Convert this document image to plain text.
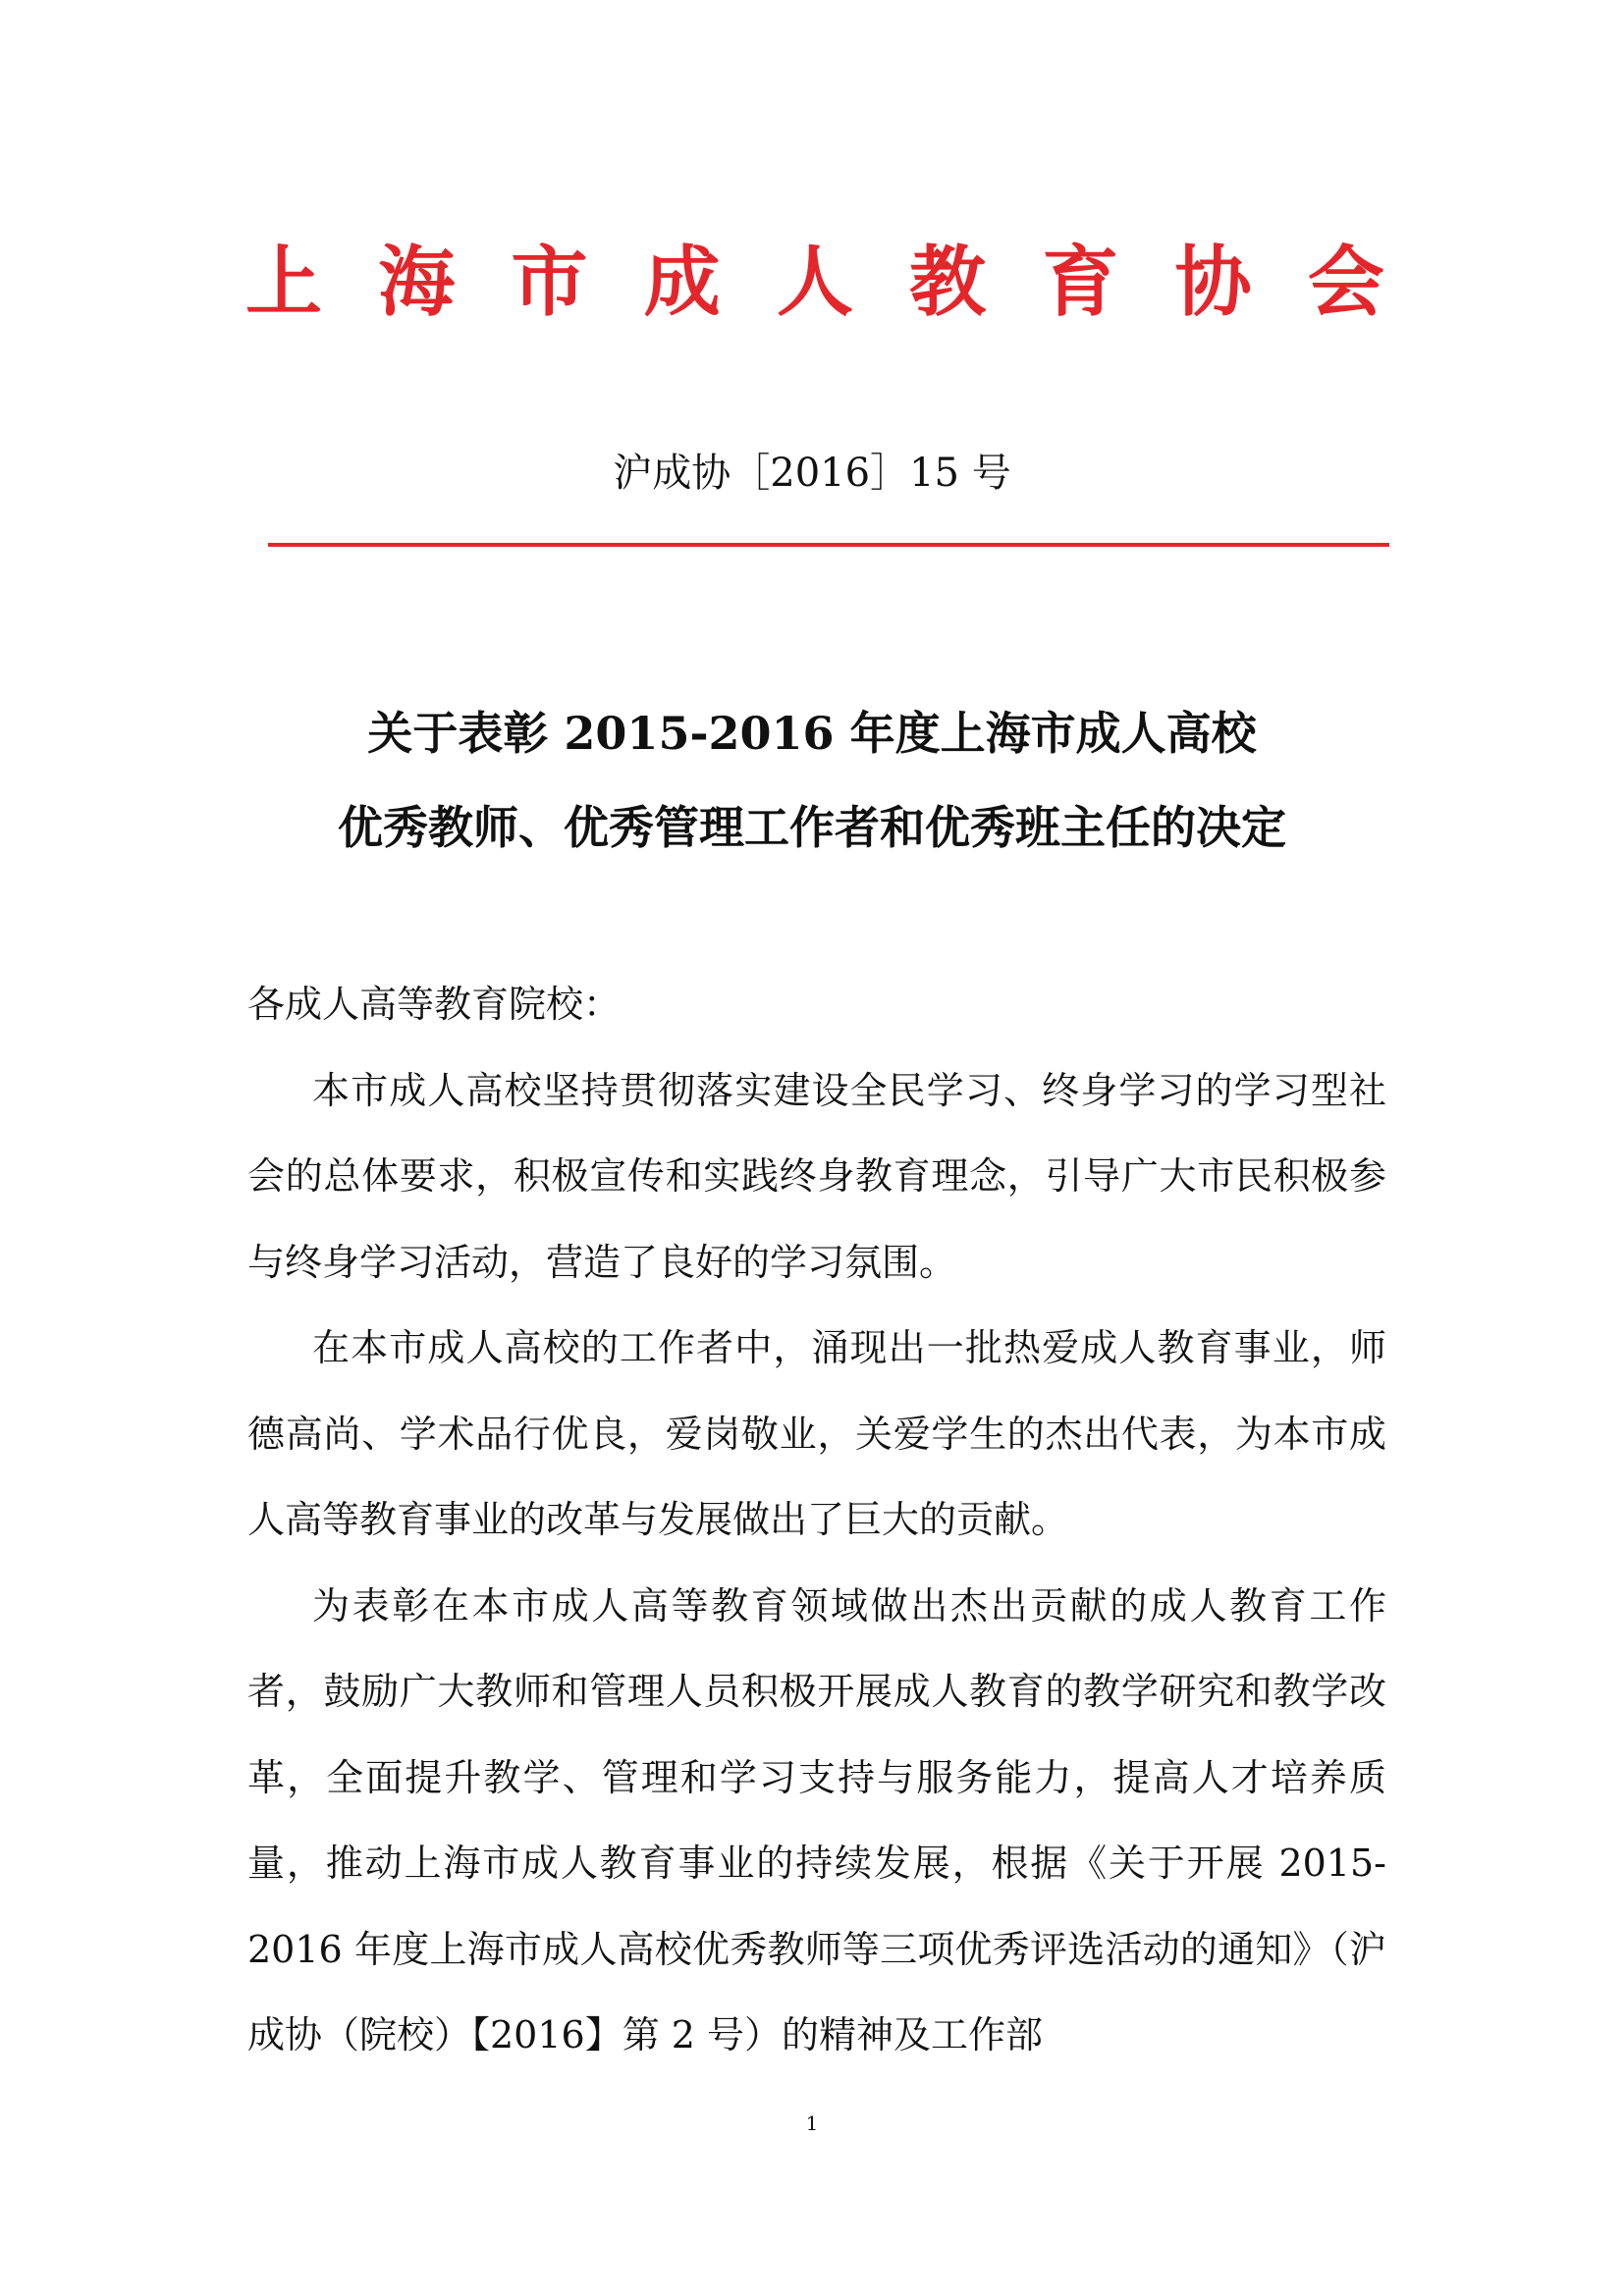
上 海 市 成 人 教 育 协 会
沪成协［2016］15 号
关于表彰 2015-2016 年度上海市成人高校
优秀教师、优秀管理工作者和优秀班主任的决定

各成人高等教育院校：

本市成人高校坚持贯彻落实建设全民学习、终身学习的学习型社会的总体要求，积极宣传和实践终身教育理念，引导广大市民积极参与终身学习活动，营造了良好的学习氛围。

在本市成人高校的工作者中，涌现出一批热爱成人教育事业，师德高尚、学术品行优良，爱岗敬业，关爱学生的杰出代表，为本市成人高等教育事业的改革与发展做出了巨大的贡献。

为表彰在本市成人高等教育领域做出杰出贡献的成人教育工作者，鼓励广大教师和管理人员积极开展成人教育的教学研究和教学改革，全面提升教学、管理和学习支持与服务能力，提高人才培养质量，推动上海市成人教育事业的持续发展，根据《关于开展 2015-2016 年度上海市成人高校优秀教师等三项优秀评选活动的通知》（沪成协（院校）【2016】第 2 号）的精神及工作部

1
